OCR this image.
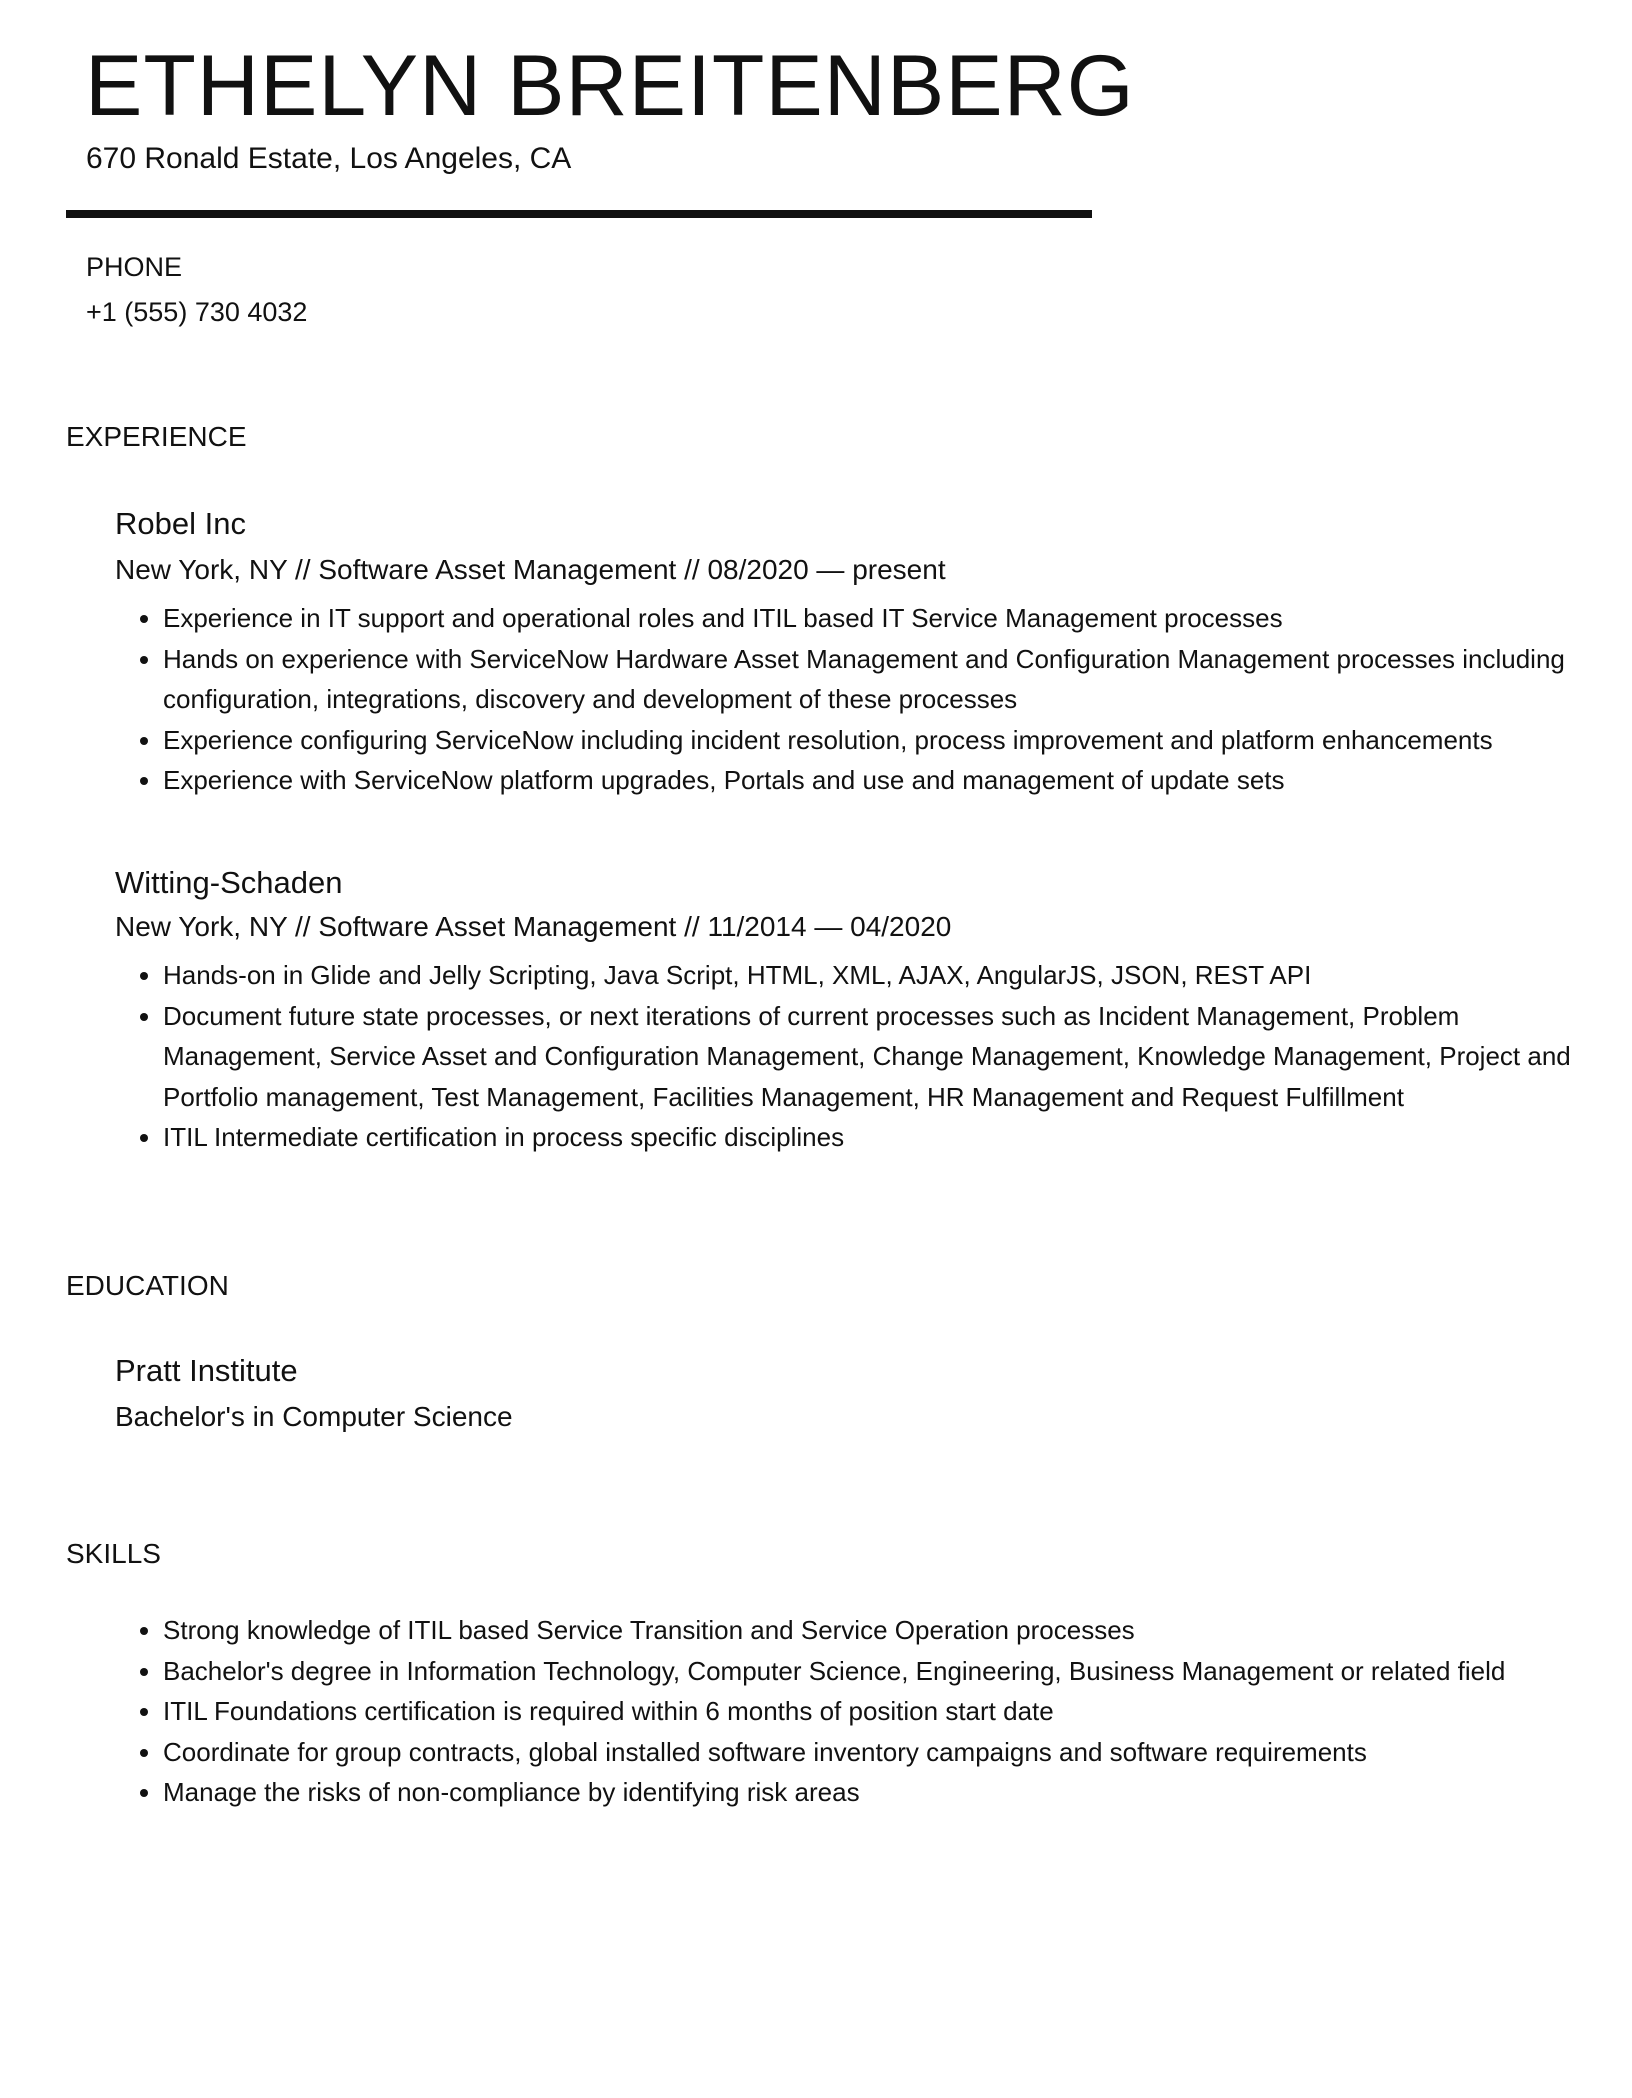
ETHELYN BREITENBERG
670 Ronald Estate, Los Angeles, CA
PHONE
+1 (555) 730 4032
EXPERIENCE
Robel Inc
New York, NY // Software Asset Management // 08/2020 — present
• Experience in IT support and operational roles and ITIL based IT Service Management processes
• Hands on experience with ServiceNow Hardware Asset Management and Configuration Management processes including configuration, integrations, discovery and development of these processes
• Experience configuring ServiceNow including incident resolution, process improvement and platform enhancements
• Experience with ServiceNow platform upgrades, Portals and use and management of update sets
Witting-Schaden
New York, NY // Software Asset Management // 11/2014 — 04/2020
• Hands-on in Glide and Jelly Scripting, Java Script, HTML, XML, AJAX, AngularJS, JSON, REST API
• Document future state processes, or next iterations of current processes such as Incident Management, Problem Management, Service Asset and Configuration Management, Change Management, Knowledge Management, Project and Portfolio management, Test Management, Facilities Management, HR Management and Request Fulfillment
• ITIL Intermediate certification in process specific disciplines
EDUCATION
Pratt Institute
Bachelor's in Computer Science
SKILLS
• Strong knowledge of ITIL based Service Transition and Service Operation processes
• Bachelor's degree in Information Technology, Computer Science, Engineering, Business Management or related field
• ITIL Foundations certification is required within 6 months of position start date
• Coordinate for group contracts, global installed software inventory campaigns and software requirements
• Manage the risks of non-compliance by identifying risk areas
